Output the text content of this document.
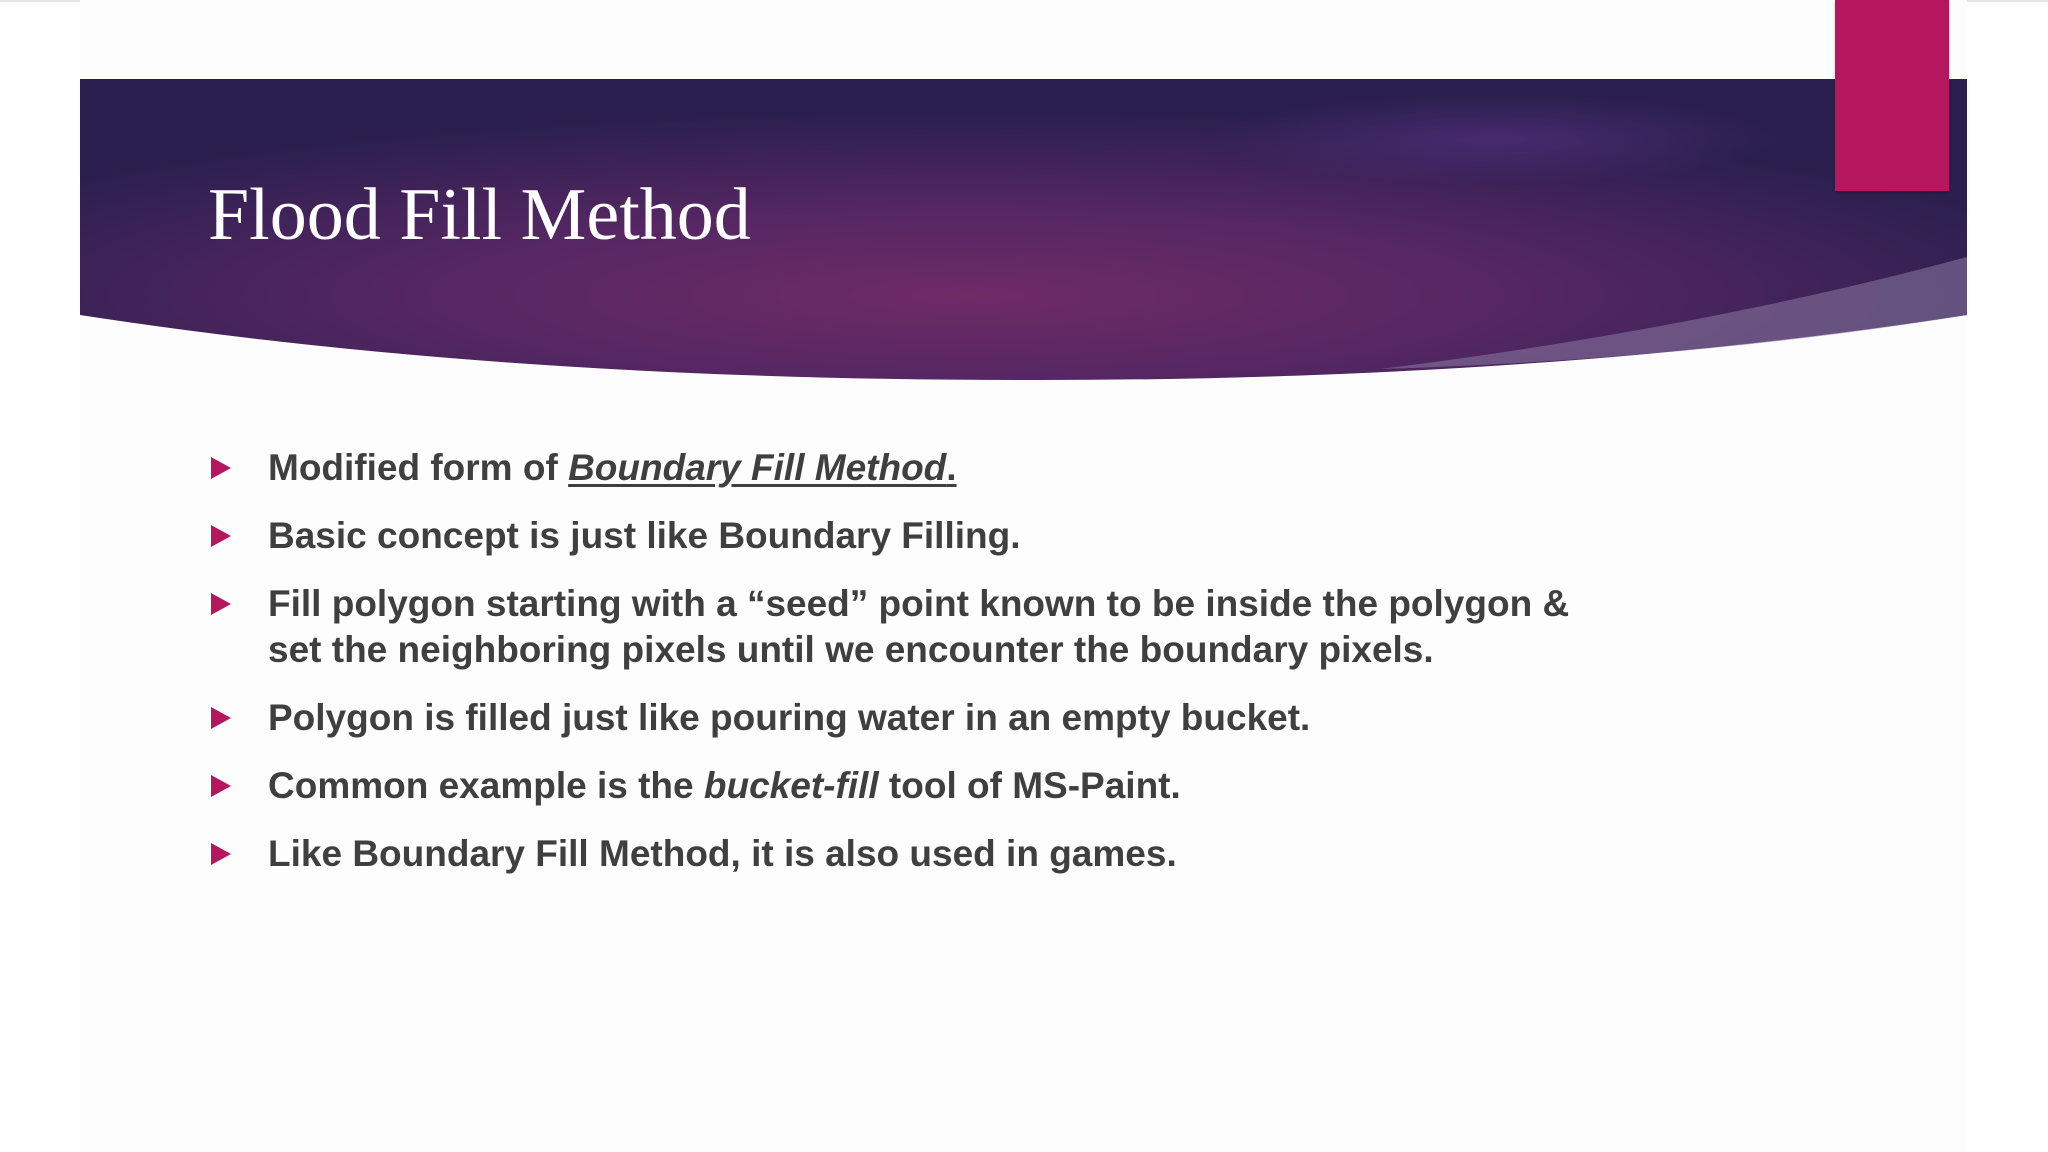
Flood Fill Method
Modified form of Boundary Fill Method.
Basic concept is just like Boundary Filling.
Fill polygon starting with a “seed” point known to be inside the polygon &
set the neighboring pixels until we encounter the boundary pixels.
Polygon is filled just like pouring water in an empty bucket.
Common example is the bucket-fill tool of MS-Paint.
Like Boundary Fill Method, it is also used in games.
